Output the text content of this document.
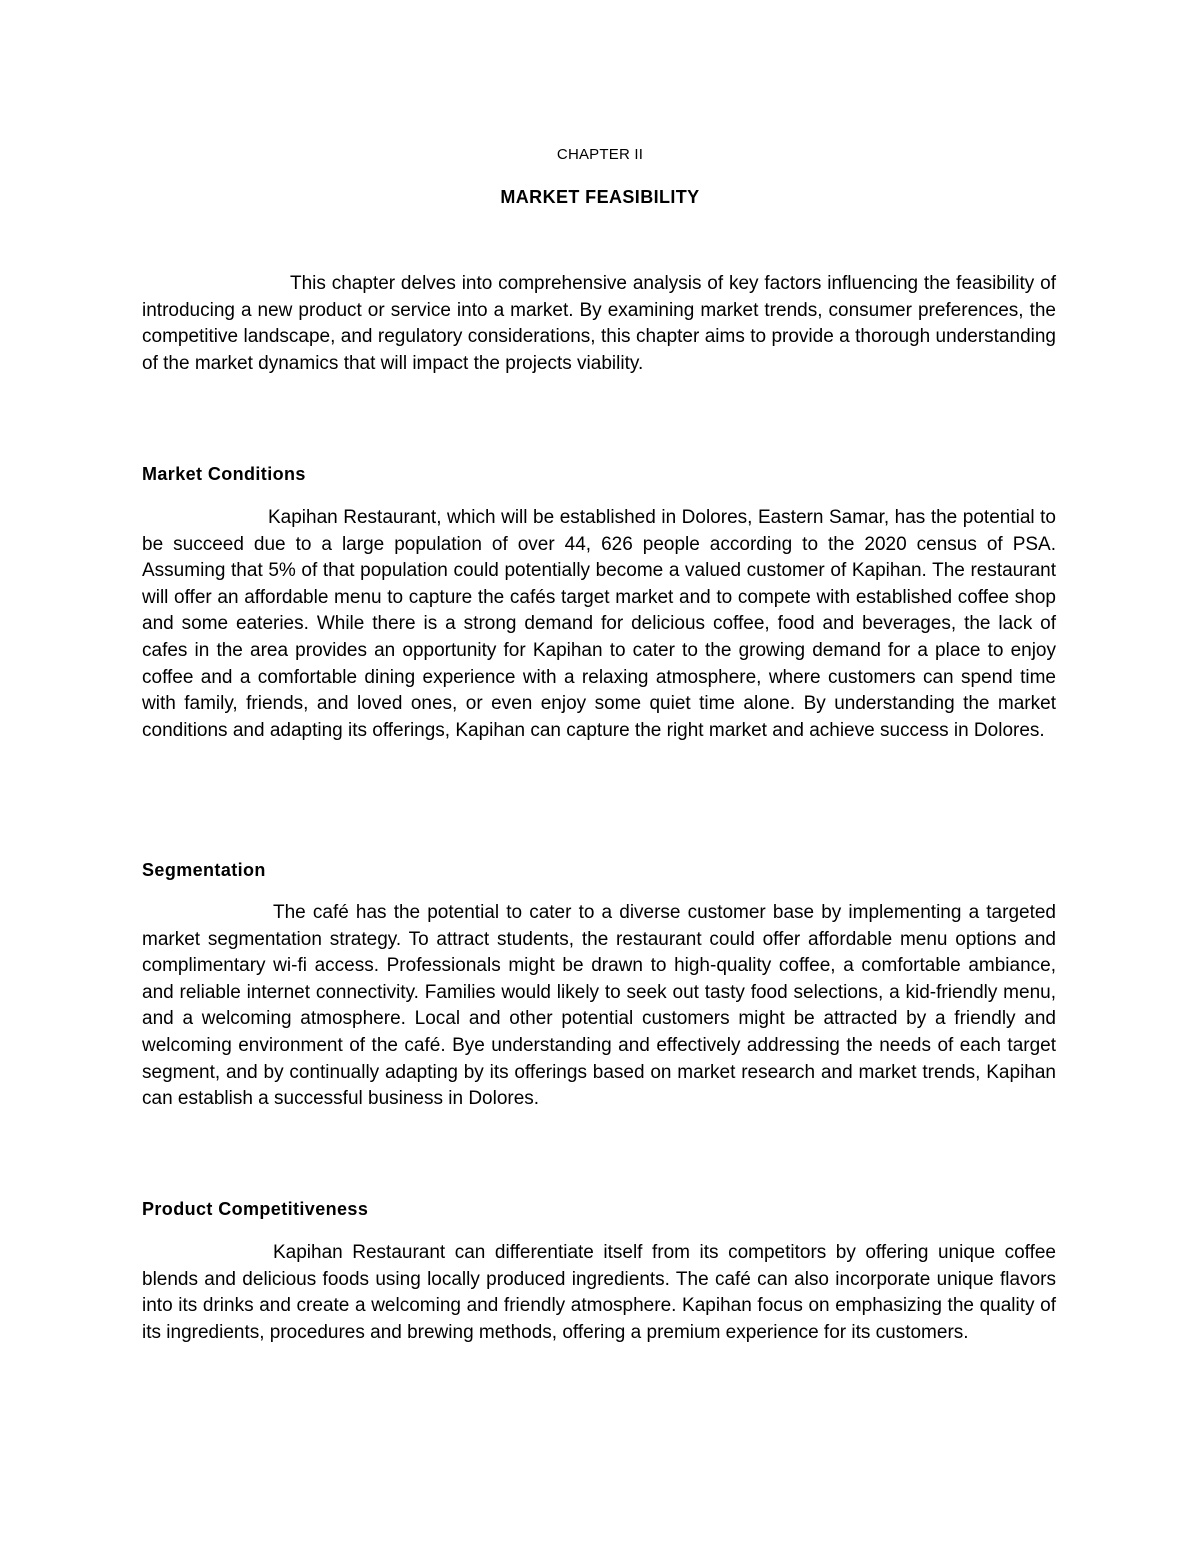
CHAPTER II
MARKET FEASIBILITY

This chapter delves into comprehensive analysis of key factors influencing the feasibility of introducing a new product or service into a market. By examining market trends, consumer preferences, the competitive landscape, and regulatory considerations, this chapter aims to provide a thorough understanding of the market dynamics that will impact the projects viability.

Market Conditions

Kapihan Restaurant, which will be established in Dolores, Eastern Samar, has the potential to be succeed due to a large population of over 44, 626 people according to the 2020 census of PSA. Assuming that 5% of that population could potentially become a valued customer of Kapihan. The restaurant will offer an affordable menu to capture the cafés target market and to compete with established coffee shop and some eateries. While there is a strong demand for delicious coffee, food and beverages, the lack of cafes in the area provides an opportunity for Kapihan to cater to the growing demand for a place to enjoy coffee and a comfortable dining experience with a relaxing atmosphere, where customers can spend time with family, friends, and loved ones, or even enjoy some quiet time alone. By understanding the market conditions and adapting its offerings, Kapihan can capture the right market and achieve success in Dolores.

Segmentation

The café has the potential to cater to a diverse customer base by implementing a targeted market segmentation strategy. To attract students, the restaurant could offer affordable menu options and complimentary wi-fi access. Professionals might be drawn to high-quality coffee, a comfortable ambiance, and reliable internet connectivity. Families would likely to seek out tasty food selections, a kid-friendly menu, and a welcoming atmosphere. Local and other potential customers might be attracted by a friendly and welcoming environment of the café. Bye understanding and effectively addressing the needs of each target segment, and by continually adapting by its offerings based on market research and market trends, Kapihan can establish a successful business in Dolores.

Product Competitiveness

Kapihan Restaurant can differentiate itself from its competitors by offering unique coffee blends and delicious foods using locally produced ingredients. The café can also incorporate unique flavors into its drinks and create a welcoming and friendly atmosphere. Kapihan focus on emphasizing the quality of its ingredients, procedures and brewing methods, offering a premium experience for its customers.
